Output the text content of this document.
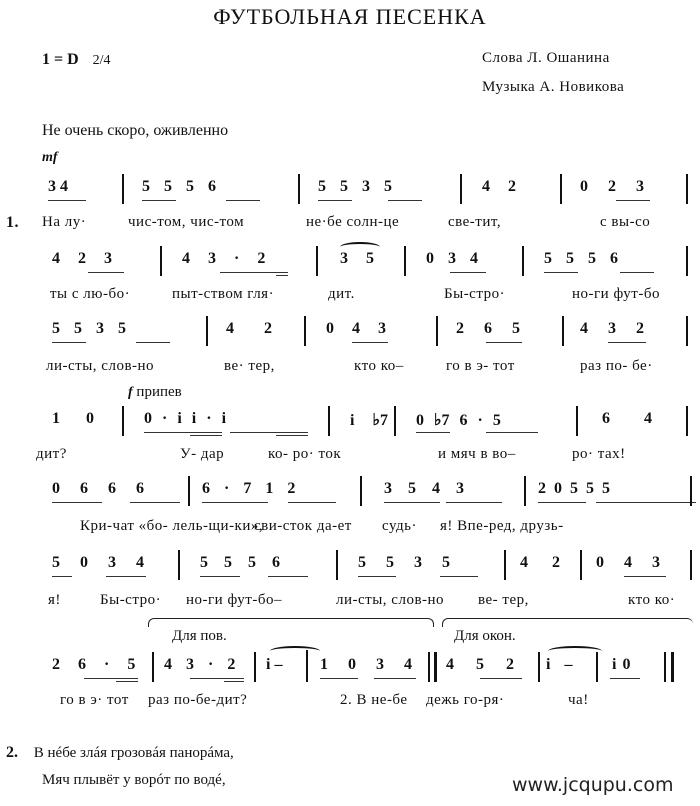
ФУТБОЛЬНАЯ ПЕСЕНКА
1 = D 2/4	Слова Л. Ошанина
Музыка А. Новикова
Не очень скоро, оживленно
mf
3 4	5 5 5 6	5 5 3 5	4 2	0 2 3
1. На лу·	чис-том, чис-том	не·бе солн-це	све-тит,	с вы-со
4 2 3	4 3 · 2	3 5	0 3 4	5 5 5 6
ты с лю-бо·	пыт-ством гля·	дит.	Бы-стро·	но-ги фут-бо
5 5 3 5	4 2	0 4 3	2 6 5	4 3 2
ли-сты, слов-но	ве· тер,	кто ко–	го в э- тот	раз по- бе·
f припев
1 0	0 · i i · i	i ♭7 0 ♭7 6 · 5	6 4
дит?	У- дар	ко- ро· ток	и мяч в во–	ро· тах!
0 6 6 6	6 · 7 1 2	3 5 4 3	2 0 5 5 5
Кри-чат «бо- лель-щи-ки»,
сви-сток да-ет судь· я! Впе-ред, друзь-
5 0 3 4	5 5 5 6	5 5 3 5	4 2 0 4 3
я!	Бы-стро· но-ги фут-бо–	ли-сты, слов-но ве- тер,	кто ко·
Для пов.	Для окон.
2 6 · 5 4 3 · 2 i – 1 0 3 4 4 5 2 i – i 0
го в э· тот раз по-бе-дит?	2. В не-бе дежь го-ря·	ча!
2. В нéбе злáя грозовáя панорáма,
Мяч плывёт у ворóт по водé,	www.jcqupu.com
